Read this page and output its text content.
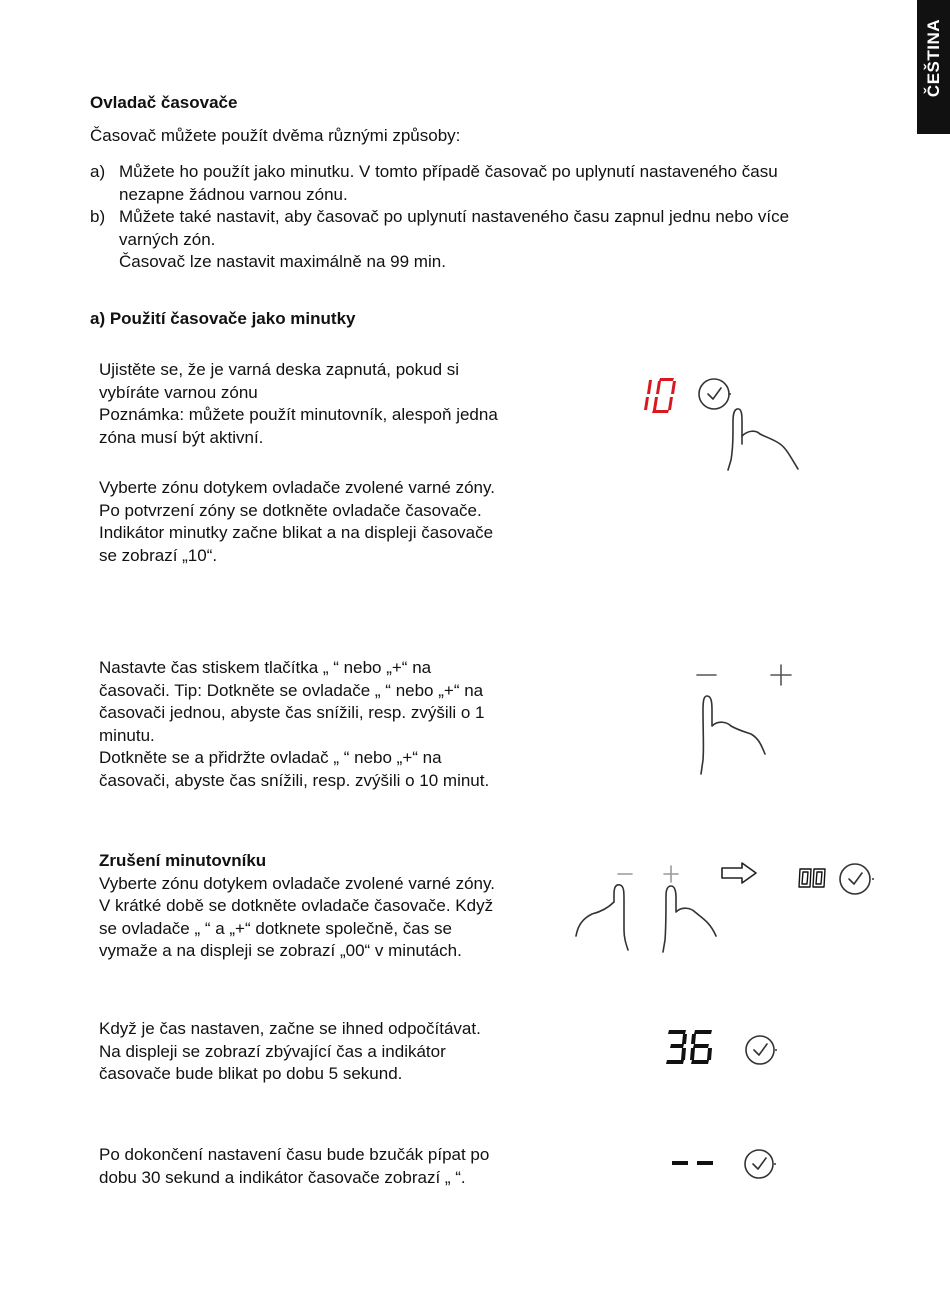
ČEŠTINA
Ovladač časovače
Časovač můžete použít dvěma různými způsoby:
a) Můžete ho použít jako minutku. V tomto případě časovač po uplynutí nastaveného času
nezapne žádnou varnou zónu.
b) Můžete také nastavit, aby časovač po uplynutí nastaveného času zapnul jednu nebo více
varných zón.
Časovač lze nastavit maximálně na 99 min.
a) Použití časovače jako minutky
Ujistěte se, že je varná deska zapnutá, pokud si
vybíráte varnou zónu
Poznámka: můžete použít minutovník, alespoň jedna
zóna musí být aktivní.
Vyberte zónu dotykem ovladače zvolené varné zóny.
Po potvrzení zóny se dotkněte ovladače časovače.
Indikátor minutky začne blikat a na displeji časovače
se zobrazí „10“.
Nastavte čas stiskem tlačítka „ “ nebo „+“ na
časovači. Tip: Dotkněte se ovladače „ “ nebo „+“ na
časovači jednou, abyste čas snížili, resp. zvýšili o 1
minutu.
Dotkněte se a přidržte ovladač „ “ nebo „+“ na
časovači, abyste čas snížili, resp. zvýšili o 10 minut.
Zrušení minutovníku
Vyberte zónu dotykem ovladače zvolené varné zóny.
V krátké době se dotkněte ovladače časovače. Když
se ovladače „ “ a „+“ dotknete společně, čas se
vymaže a na displeji se zobrazí „00“ v minutách.
Když je čas nastaven, začne se ihned odpočítávat.
Na displeji se zobrazí zbývající čas a indikátor
časovače bude blikat po dobu 5 sekund.
Po dokončení nastavení času bude bzučák pípat po
dobu 30 sekund a indikátor časovače zobrazí „ “.
